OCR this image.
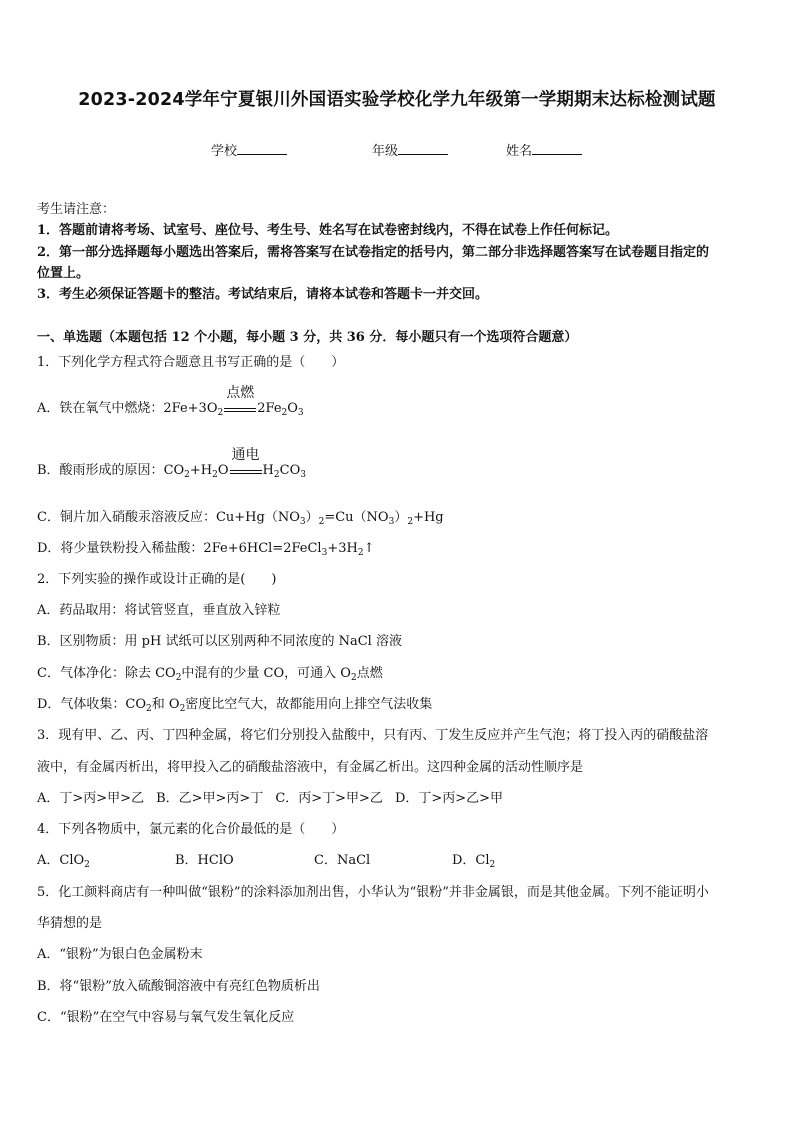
2023-2024学年宁夏银川外国语实验学校化学九年级第一学期期末达标检测试题
学校	年级	姓名
考生请注意：
1．答题前请将考场、试室号、座位号、考生号、姓名写在试卷密封线内，不得在试卷上作任何标记。
2．第一部分选择题每小题选出答案后，需将答案写在试卷指定的括号内，第二部分非选择题答案写在试卷题目指定的
位置上。
3．考生必须保证答题卡的整洁。考试结束后，请将本试卷和答题卡一并交回。
一、单选题（本题包括 12 个小题，每小题 3 分，共 36 分．每小题只有一个选项符合题意）
1．下列化学方程式符合题意且书写正确的是（　　）
A．铁在氧气中燃烧：$2Fe+3O_2$
点燃
$2Fe_2O_3$
B．酸雨形成的原因：$CO_2+H_2O$
通电
$H_2CO_3$
C．铜片加入硝酸汞溶液反应：$Cu+Hg(NO_3)_2=Cu(NO_3)_2+Hg$
D．将少量铁粉投入稀盐酸：$2Fe+6HCl=2FeCl_3+3H_2↑$
2．下列实验的操作或设计正确的是(　　)
A．药品取用：将试管竖直，垂直放入锌粒
B．区别物质：用 pH 试纸可以区别两种不同浓度的 NaCl 溶液
C．气体净化：除去 $CO_2$中混有的少量 CO，可通入 $O_2$点燃
D．气体收集：$CO_2$和 $O_2$密度比空气大，故都能用向上排空气法收集
3．现有甲、乙、丙、丁四种金属，将它们分别投入盐酸中，只有丙、丁发生反应并产生气泡；将丁投入丙的硝酸盐溶
液中，有金属丙析出，将甲投入乙的硝酸盐溶液中，有金属乙析出。这四种金属的活动性顺序是
A．丁>丙>甲>乙 B．乙>甲>丙>丁 C．丙>丁>甲>乙 D．丁>丙>乙>甲
4．下列各物质中，氯元素的化合价最低的是（　　）
A．ClO$_2$	B．HClO	C．NaCl	D．$Cl_2$
5．化工颜料商店有一种叫做“银粉”的涂料添加剂出售，小华认为“银粉”并非金属银，而是其他金属。下列不能证明小
华猜想的是
A．“银粉”为银白色金属粉末
B．将“银粉”放入硫酸铜溶液中有亮红色物质析出
C．“银粉”在空气中容易与氧气发生氧化反应
